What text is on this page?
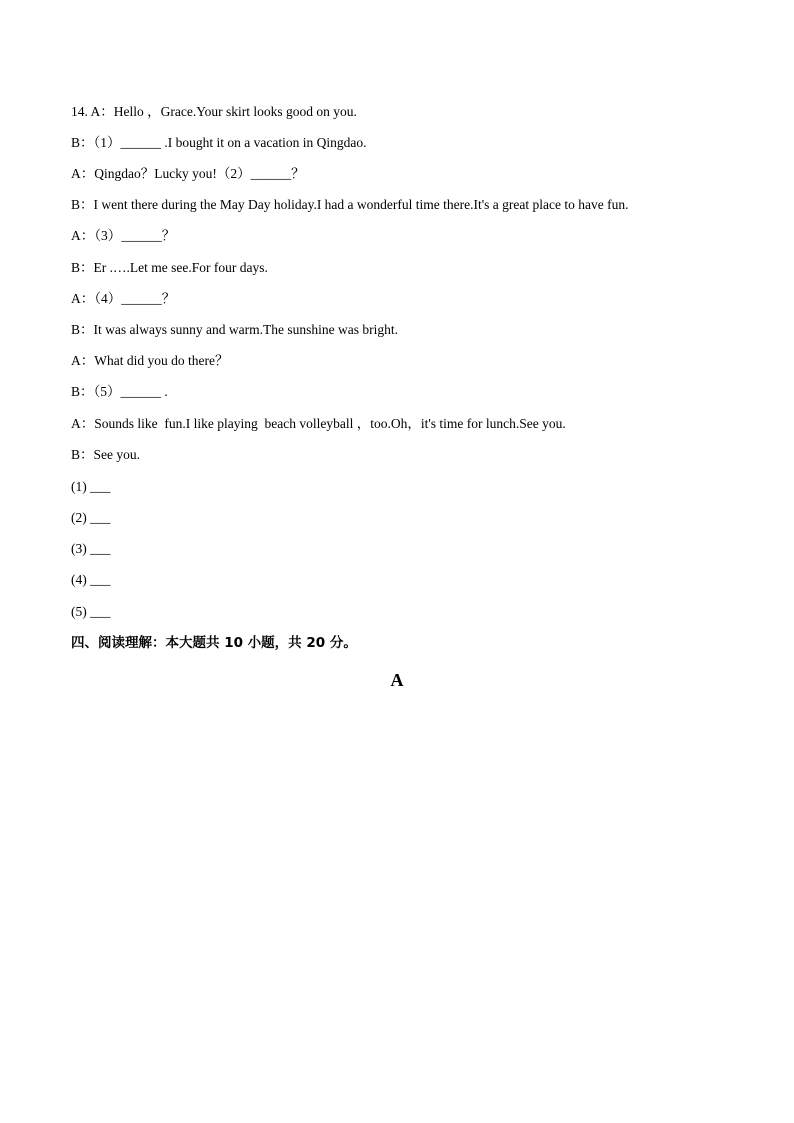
14. A：Hello ，Grace.Your skirt looks good on you.
B：（1）______ .I bought it on a vacation in Qingdao.
A：Qingdao？Lucky you!（2）______？
B：I went there during the May Day holiday.I had a wonderful time there.It's a great place to have fun.
A：（3）______？
B：Er .….Let me see.For four days.
A：（4）______？
B：It was always sunny and warm.The sunshine was bright.
A：What did you do there？
B：（5）______ .
A：Sounds like  fun.I like playing  beach volleyball ，too.Oh，it's time for lunch.See you.
B：See you.
(1) ___
(2) ___
(3) ___
(4) ___
(5) ___
四、阅读理解：本大题共 10 小题，共 20 分。
A
